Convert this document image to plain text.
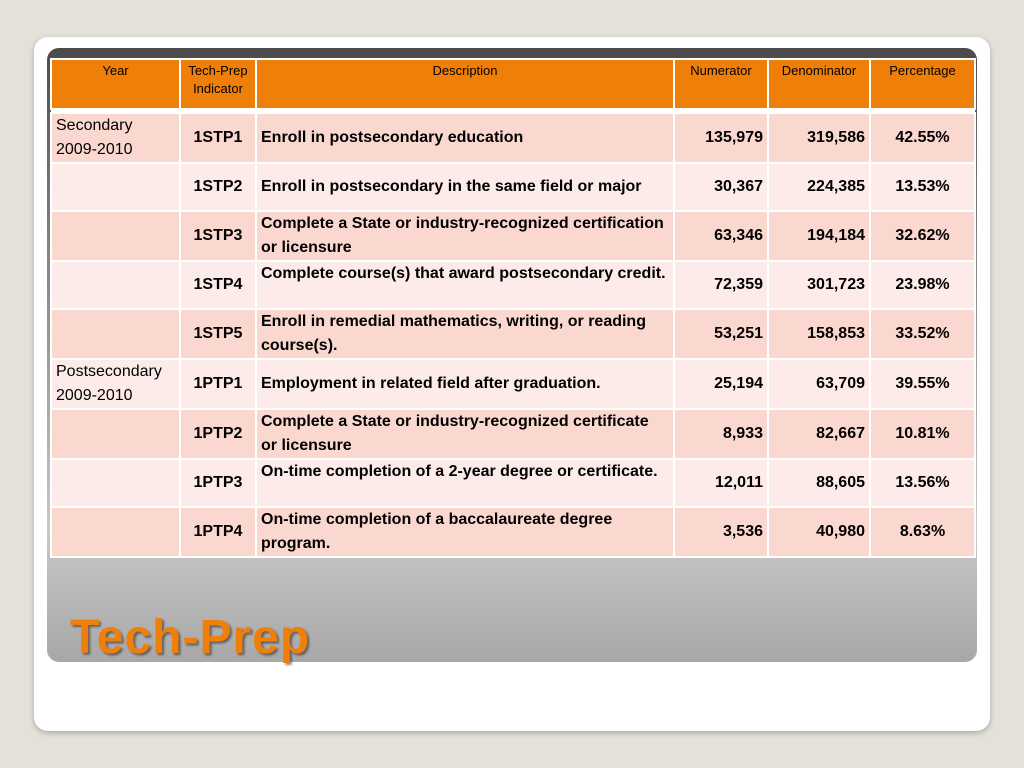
Year	Tech-Prep Indicator	Description	Numerator	Denominator	Percentage

Secondary 2009-2010	1STP1	Enroll in postsecondary education	135,979	319,586	42.55%
	1STP2	Enroll in postsecondary in the same field or major	30,367	224,385	13.53%
	1STP3	Complete a State or industry-recognized certification or licensure	63,346	194,184	32.62%
	1STP4	Complete course(s) that award postsecondary credit.	72,359	301,723	23.98%
	1STP5	Enroll in remedial mathematics, writing, or reading course(s).	53,251	158,853	33.52%
Postsecondary 2009-2010	1PTP1	Employment in related field after graduation.	25,194	63,709	39.55%
	1PTP2	Complete a State or industry-recognized certificate or licensure	8,933	82,667	10.81%
	1PTP3	On-time completion of a 2-year degree or certificate.	12,011	88,605	13.56%
	1PTP4	On-time completion of a baccalaureate degree program.	3,536	40,980	8.63%
Tech-Prep
